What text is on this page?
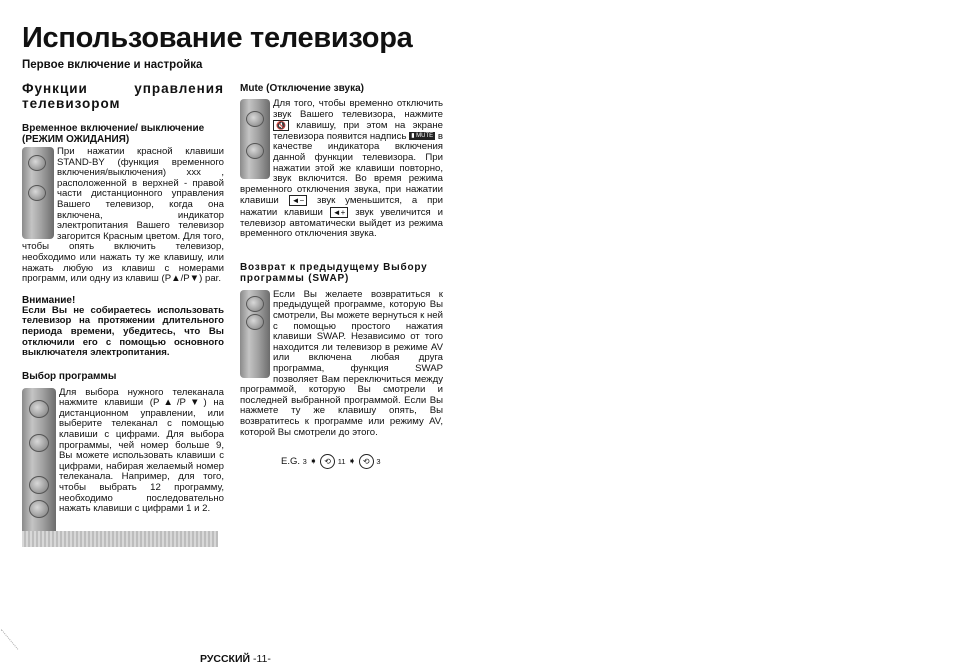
Использование телевизора
Первое включение и настройка
Функции управления телевизором
Временное включение/ выключение (РЕЖИМ ОЖИДАНИЯ)

При нажатии красной клавиши STAND-BY (функция временного включения/выключения) xxx , расположенной в верхней - правой части дистанционного управления Вашего телевизор, когда она включена, индикатор электропитания Вашего телевизор загорится Красным цветом. Для того, чтобы опять включить телевизор, необходимо или нажать ту же клавишу, или нажать любую из клавиш с номерами программ, или одну из клавиш (P▲/P▼) par.

Внимание!
Если Вы не собираетесь использовать телевизор на протяжении длительного периода времени, убедитесь, что Вы отключили его с помощью основного выключателя электропитания.
Выбор программы

Для выбора нужного телеканала нажмите клавиши (P▲/P▼) на дистанционном управлении, или выберите телеканал с помощью клавиши с цифрами. Для выбора программы, чей номер больше 9, Вы можете использовать клавиши с цифрами, набирая желаемый номер телеканала. Например, для того, чтобы выбрать 12 программу, необходимо последовательно нажать клавиши с цифрами 1 и 2.

Mute (Отключение звука)

Для того, чтобы временно отключить звук Вашего телевизора, нажмите 🔇 клавишу, при этом на экране телевизора появится надпись ▮ MUTE в качестве индикатора включения данной функции телевизора. При нажатии этой же клавиши повторно, звук включится. Во время режима временного отключения звука, при нажатии клавиши ◄− звук уменьшится, а при нажатии клавиши ◄+ звук увеличится и телевизор автоматически выйдет из режима временного отключения звука.

Возврат к предыдущему Выбору программы (SWAP)

Если Вы желаете возвратиться к предыдущей программе, которую Вы смотрели, Вы можете вернуться к ней с помощью простого нажатия клавиши SWAP. Независимо от того находится ли телевизор в режиме AV или включена любая друга программа, функция SWAP позволяет Вам переключиться между программой, которую Вы смотрели и последней выбранной программой. Если Вы нажмете ту же клавишу опять, Вы возвратитесь к программе или режиму AV, которой Вы смотрели до этого.

E.G. 3 ➧ ⟲ 11 ➧ ⟲ 3
РУССКИЙ -11-
